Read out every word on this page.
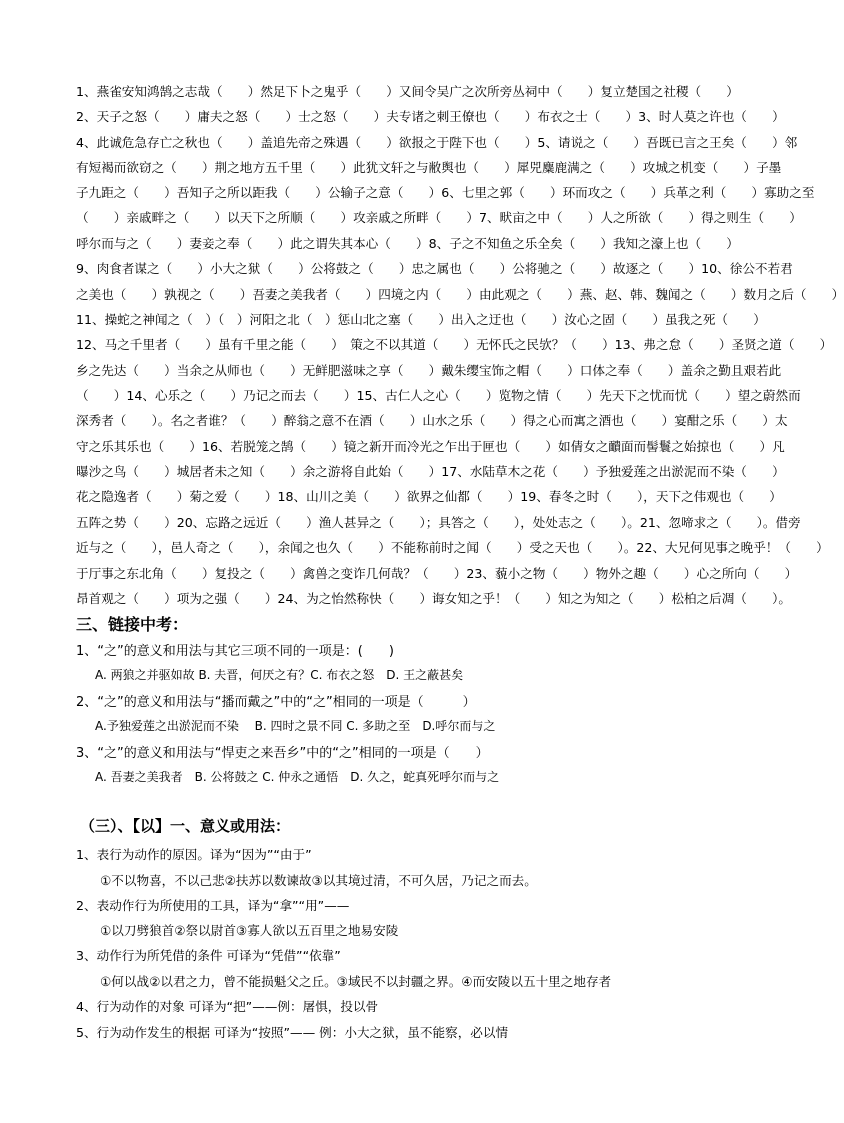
1、燕雀安知鸿鹄之志哉（　　）然足下卜之鬼乎（　　）又间令吴广之次所旁丛祠中（　　）复立楚国之社稷（　　）
2、天子之怒（　　）庸夫之怒（　　）士之怒（　　）夫专诸之刺王僚也（　　）布衣之士（　　）3、时人莫之许也（　　）
4、此诚危急存亡之秋也（　　）盖追先帝之殊遇（　　）欲报之于陛下也（　　）5、请说之（　　）吾既已言之王矣（　　）邻
有短褐而欲窃之（　　）荆之地方五千里（　　）此犹文轩之与敝舆也（　　）犀兕麋鹿满之（　　）攻城之机变（　　）子墨
子九距之（　　）吾知子之所以距我（　　）公输子之意（　　）6、七里之郭（　　）环而攻之（　　）兵革之利（　　）寡助之至
（　　）亲戚畔之（　　）以天下之所顺（　　）攻亲戚之所畔（　　）7、畎亩之中（　　）人之所欲（　　）得之则生（　　）
呼尔而与之（　　）妻妾之奉（　　）此之谓失其本心（　　）8、子之不知鱼之乐全矣（　　）我知之濠上也（　　）
9、肉食者谋之（　　）小大之狱（　　）公将鼓之（　　）忠之属也（　　）公将驰之（　　）故逐之（　　）10、徐公不若君
之美也（　　）孰视之（　　）吾妻之美我者（　　）四境之内（　　）由此观之（　　）燕、赵、韩、魏闻之（　　）数月之后（　　）
11、操蛇之神闻之（　）（　）河阳之北（　）惩山北之塞（　　）出入之迂也（　　）汝心之固（　　）虽我之死（　　）
12、马之千里者（　　）虽有千里之能（　　）　策之不以其道（　　）无怀氏之民欤？（　　）13、弗之怠（　　）圣贤之道（　　）
乡之先达（　　）当余之从师也（　　）无鲜肥滋味之享（　　）戴朱缨宝饰之帽（　　）口体之奉（　　）盖余之勤且艰若此
（　　）14、心乐之（　　）乃记之而去（　　）15、古仁人之心（　　）览物之情（　　）先天下之忧而忧（　　）望之蔚然而
深秀者（　　）。名之者谁？（　　）醉翁之意不在酒（　　）山水之乐（　　）得之心而寓之酒也（　　）宴酣之乐（　　）太
守之乐其乐也（　　）16、若脱笼之鹄（　　）镜之新开而冷光之乍出于匣也（　　）如倩女之靧面而髻鬟之始掠也（　　）凡
曝沙之鸟（　　）城居者未之知（　　）余之游将自此始（　　）17、水陆草木之花（　　）予独爱莲之出淤泥而不染（　　）
花之隐逸者（　　）菊之爱（　　）18、山川之美（　　）欲界之仙都（　　）19、春冬之时（　　），天下之伟观也（　　）
五阵之势（　　）20、忘路之远近（　　）渔人甚异之（　　）；具答之（　　），处处志之（　　）。21、忽啼求之（　　）。借旁
近与之（　　），邑人奇之（　　），余闻之也久（　　）不能称前时之闻（　　）受之天也（　　）。22、大兄何见事之晚乎！（　　）
于厅事之东北角（　　）复投之（　　）禽兽之变诈几何哉？（　　）23、藐小之物（　　）物外之趣（　　）心之所向（　　）
昂首观之（　　）项为之强（　　）24、为之怡然称快（　　）诲女知之乎！（　　）知之为知之（　　）松柏之后凋（　　）。
三、链接中考：
1、“之”的意义和用法与其它三项不同的一项是：(　　)
A. 两狼之并驱如故 B. 夫晋，何厌之有？C. 布衣之怒　D. 王之蔽甚矣
2、“之”的意义和用法与“播而戴之”中的“之”相同的一项是（　　　）
A.予独爱莲之出淤泥而不染　 B. 四时之景不同 C. 多助之至　D.呼尔而与之
3、“之”的意义和用法与“悍吏之来吾乡”中的“之”相同的一项是（　　）
A. 吾妻之美我者　B. 公将鼓之 C. 仲永之通悟　D. 久之，蛇真死呼尔而与之
（三）、【以】一、意义或用法：
1、表行为动作的原因。译为“因为”“由于”
①不以物喜，不以己悲②扶苏以数谏故③以其境过清，不可久居，乃记之而去。
2、表动作行为所使用的工具，译为“拿”“用”——
①以刀劈狼首②祭以尉首③寡人欲以五百里之地易安陵
3、动作行为所凭借的条件 可译为“凭借”“依靠”
①何以战②以君之力，曾不能损魁父之丘。③域民不以封疆之界。④而安陵以五十里之地存者
4、行为动作的对象 可译为“把”——例：屠惧，投以骨
5、行为动作发生的根据 可译为“按照”—— 例：小大之狱，虽不能察，必以情
